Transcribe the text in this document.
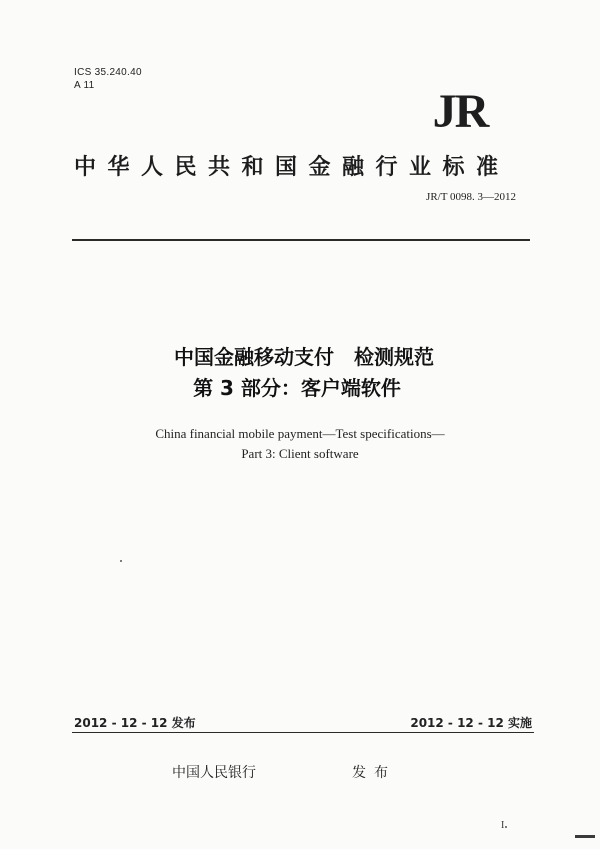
ICS 35.240.40
A 11	JR
中华人民共和国金融行业标准
JR/T 0098. 3—2012
中国金融移动支付　检测规范
第 3 部分：客户端软件
China financial mobile payment—Test specifications—
Part 3: Client software
2012 - 12 - 12 发布	2012 - 12 - 12 实施
中国人民银行	发布
I
